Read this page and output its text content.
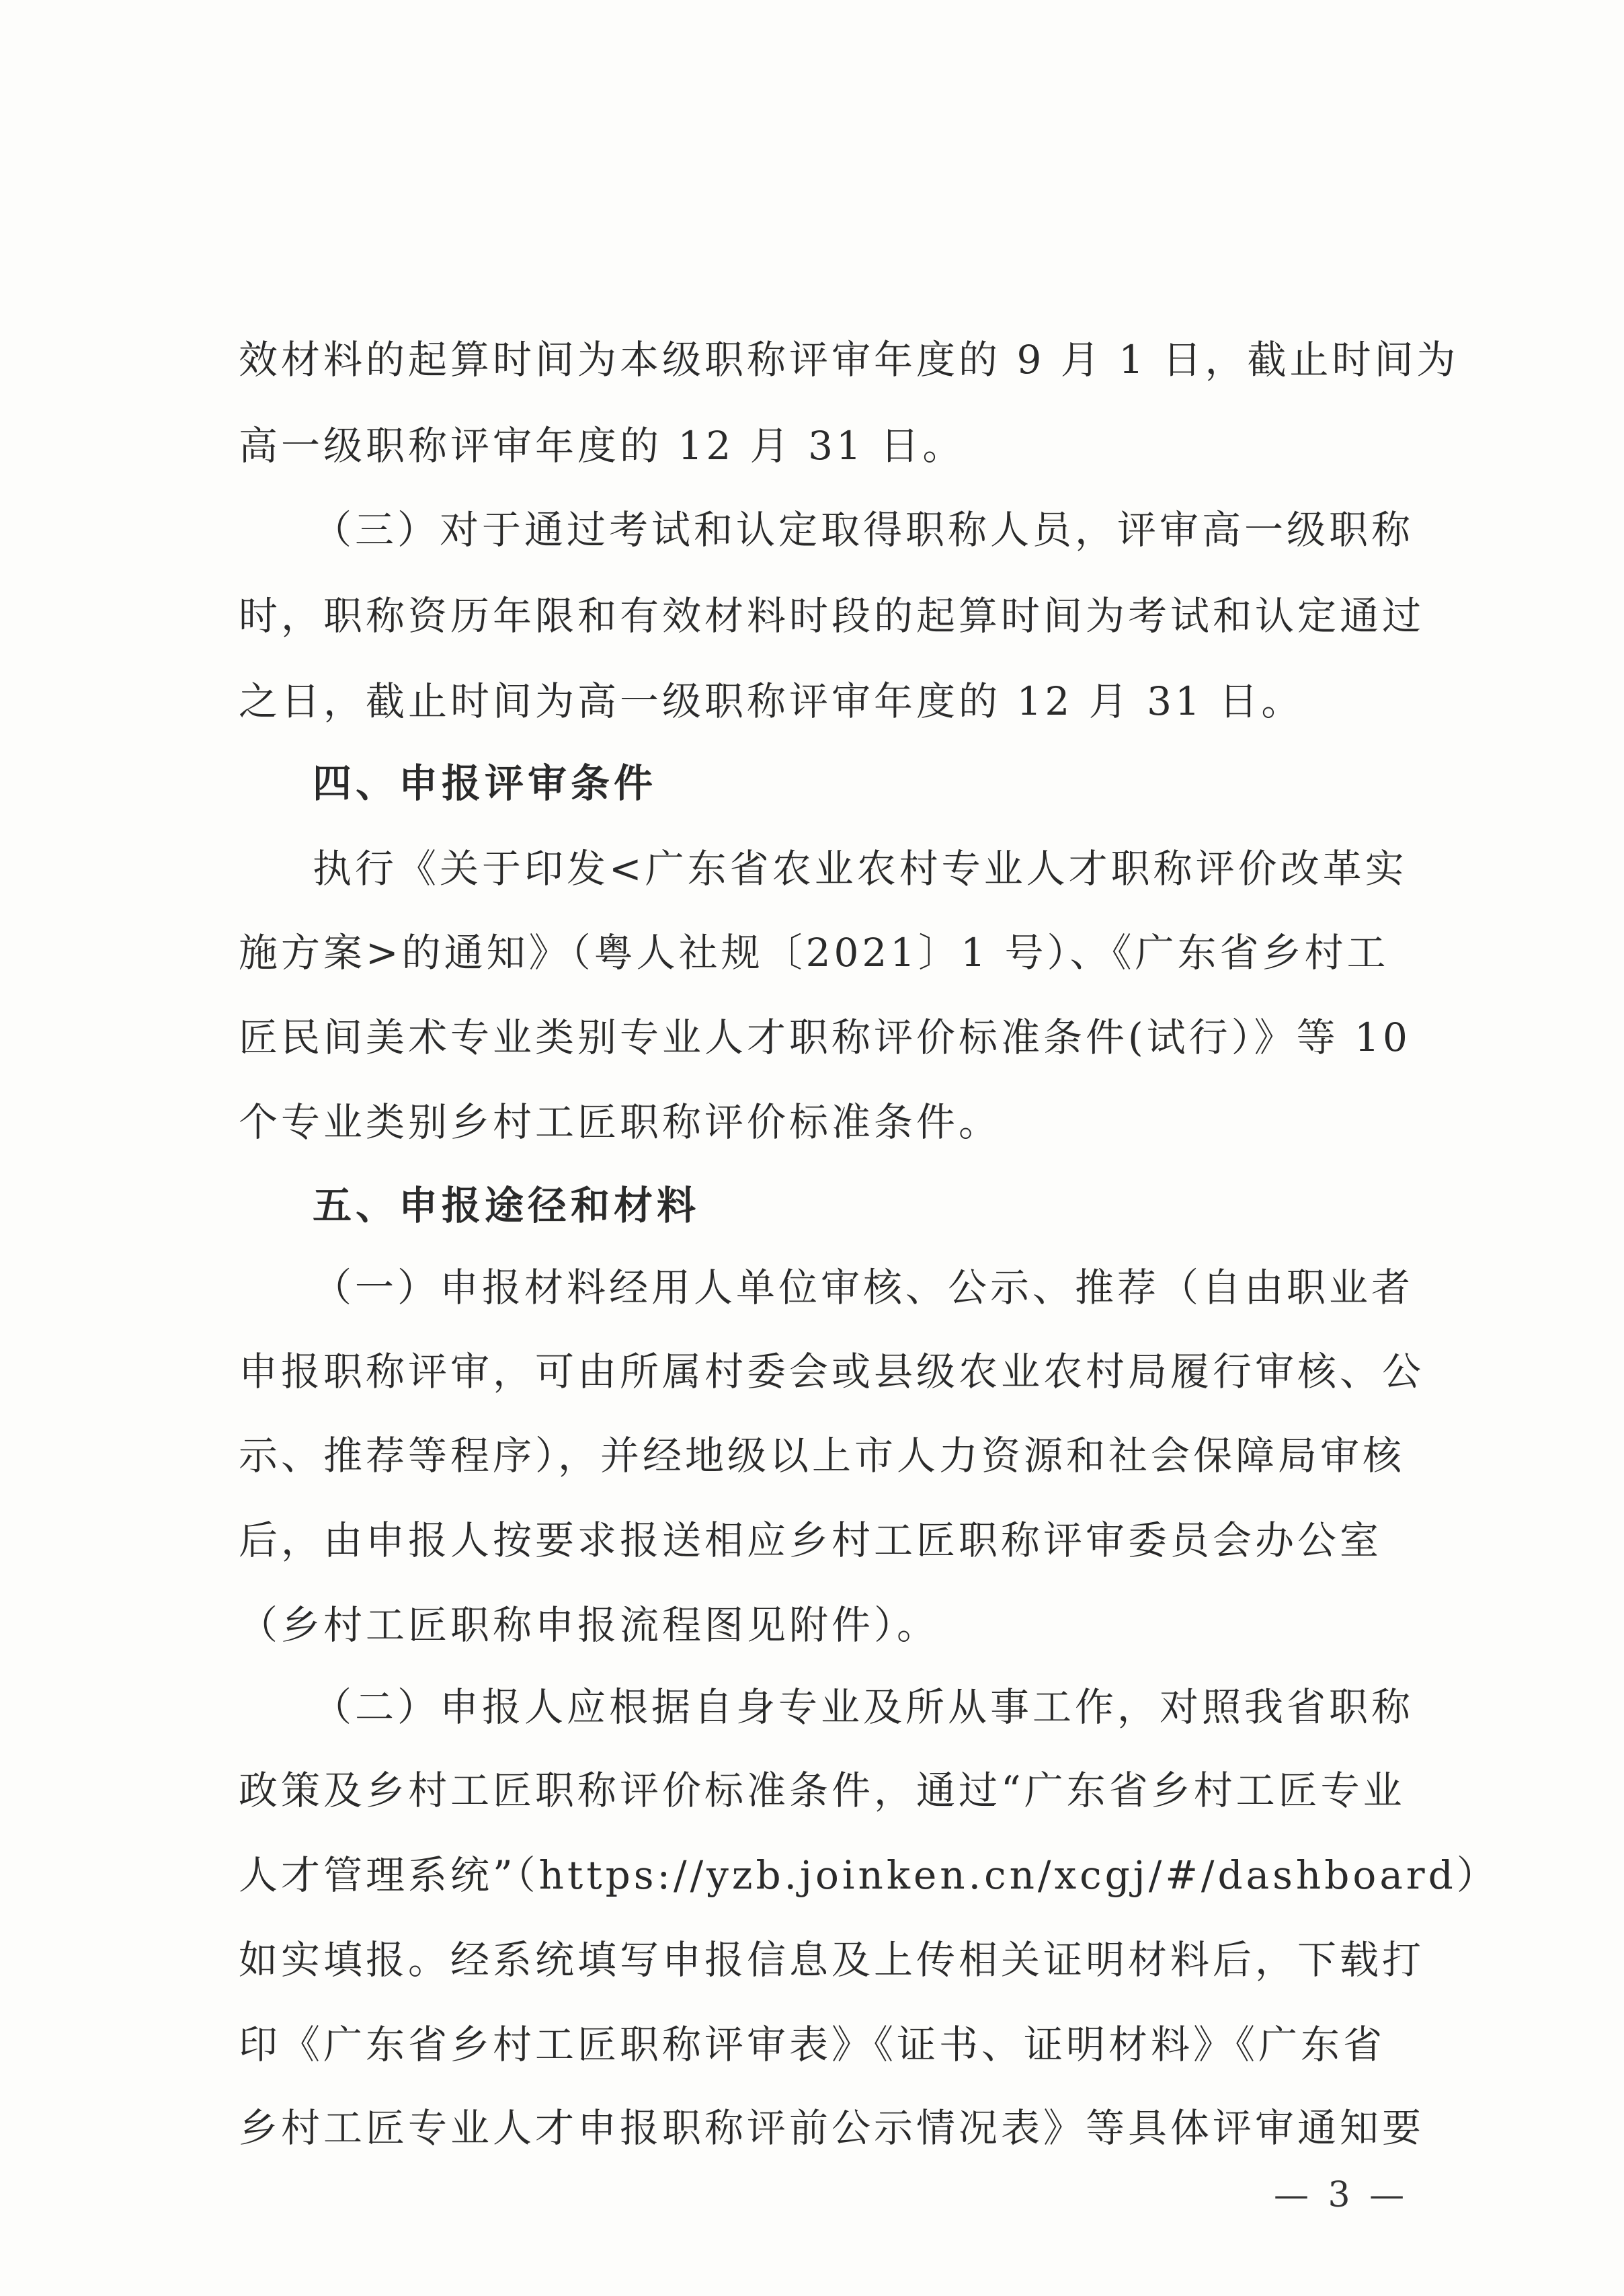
效材料的起算时间为本级职称评审年度的 9 月 1 日，截止时间为
高一级职称评审年度的 12 月 31 日。
（三）对于通过考试和认定取得职称人员，评审高一级职称
时，职称资历年限和有效材料时段的起算时间为考试和认定通过
之日，截止时间为高一级职称评审年度的 12 月 31 日。
四、申报评审条件
执行《关于印发<广东省农业农村专业人才职称评价改革实
施方案>的通知》（粤人社规〔2021〕1 号）、《广东省乡村工
匠民间美术专业类别专业人才职称评价标准条件(试行）》等 10
个专业类别乡村工匠职称评价标准条件。
五、申报途径和材料
（一）申报材料经用人单位审核、公示、推荐（自由职业者
申报职称评审，可由所属村委会或县级农业农村局履行审核、公
示、推荐等程序），并经地级以上市人力资源和社会保障局审核
后，由申报人按要求报送相应乡村工匠职称评审委员会办公室
（乡村工匠职称申报流程图见附件）。
（二）申报人应根据自身专业及所从事工作，对照我省职称
政策及乡村工匠职称评价标准条件，通过“广东省乡村工匠专业
人才管理系统”（https://yzb.joinken.cn/xcgj/#/dashboard）
如实填报。经系统填写申报信息及上传相关证明材料后，下载打
印《广东省乡村工匠职称评审表》《证书、证明材料》《广东省
乡村工匠专业人才申报职称评前公示情况表》等具体评审通知要
— 3 —
